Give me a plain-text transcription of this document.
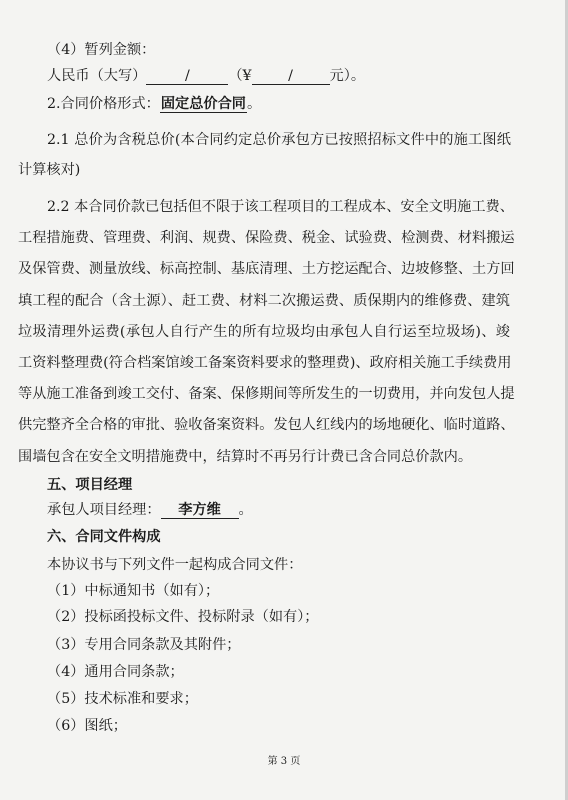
（4）暂列金额：
人民币（大写）	/	（¥	/	元）。
2.合同价格形式：固定总价合同。
2.1 总价为含税总价(本合同约定总价承包方已按照招标文件中的施工图纸
计算核对)
2.2 本合同价款已包括但不限于该工程项目的工程成本、安全文明施工费、
工程措施费、管理费、利润、规费、保险费、税金、试验费、检测费、材料搬运
及保管费、测量放线、标高控制、基底清理、土方挖运配合、边坡修整、土方回
填工程的配合（含土源）、赶工费、材料二次搬运费、质保期内的维修费、建筑
垃圾清理外运费(承包人自行产生的所有垃圾均由承包人自行运至垃圾场)、竣
工资料整理费(符合档案馆竣工备案资料要求的整理费)、政府相关施工手续费用
等从施工准备到竣工交付、备案、保修期间等所发生的一切费用，并向发包人提
供完整齐全合格的审批、验收备案资料。发包人红线内的场地硬化、临时道路、
围墙包含在安全文明措施费中，结算时不再另行计费已含合同总价款内。
五、项目经理
承包人项目经理： 李方维 。
六、合同文件构成
本协议书与下列文件一起构成合同文件：
（1）中标通知书（如有）；
（2）投标函投标文件、投标附录（如有）；
（3）专用合同条款及其附件；
（4）通用合同条款；
（5）技术标准和要求；
（6）图纸；
第 3 页
